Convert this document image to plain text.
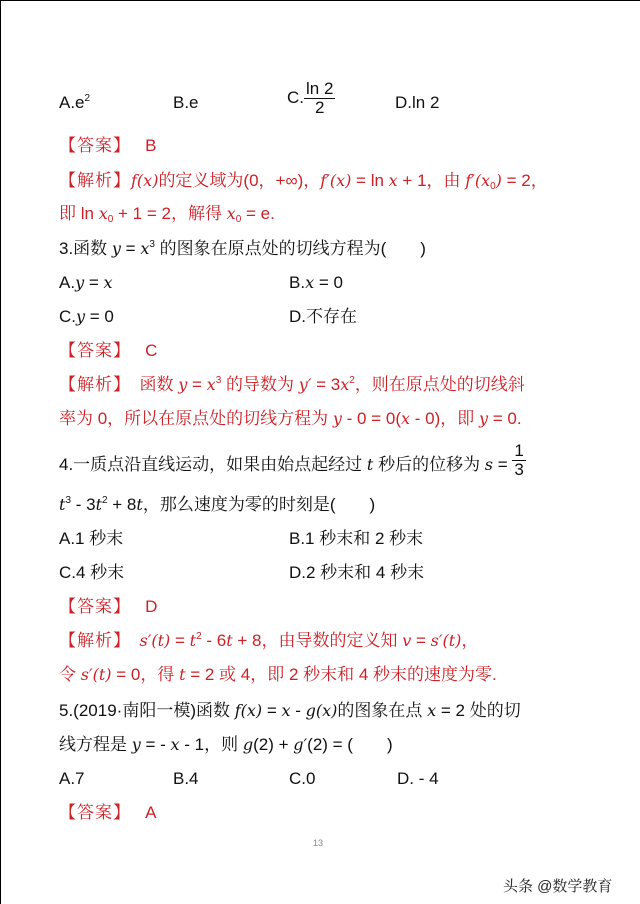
$A.e^2$	B.e	C. $\frac{\ln 2}{2}$	D.ln 2
【答案】 B
【解析】f(x)的定义域为(0，+∞)，f′(x) = ln x + 1，由 $f'(x_0) = 2$，
即 $\ln x_0 + 1 = 2$，解得 $x_0 = e$.
3.函数 $y = x^3$ 的图象在原点处的切线方程为(　　)
A.y = x	B.x = 0
C.y = 0	D.不存在
【答案】 C
【解析】　函数 $y = x^3$ 的导数为 $y' = 3x^2$，则在原点处的切线斜
率为 0，所以在原点处的切线方程为 y - 0 = 0(x - 0)，即 y = 0.
4.一质点沿直线运动，如果由始点起经过 t 秒后的位移为 $s = \frac{1}{3}$
$t^3 - 3t^2 + 8t$，那么速度为零的时刻是(　　)
A.1 秒末	B.1 秒末和 2 秒末
C.4 秒末	D.2 秒末和 4 秒末
【答案】 D
【解析】　 $s'(t) = t^2 - 6t + 8$，由导数的定义知 v = s′(t)，
令 s′(t) = 0，得 t = 2 或 4，即 2 秒末和 4 秒末的速度为零.
5.(2019·南阳一模)函数 f(x) = x - g(x)的图象在点 x = 2 处的切
线方程是 y = - x - 1，则 g(2) + g′(2) = (　　)
A.7	B.4	C.0	D. - 4
【答案】 A
13
头条 @数学教育
